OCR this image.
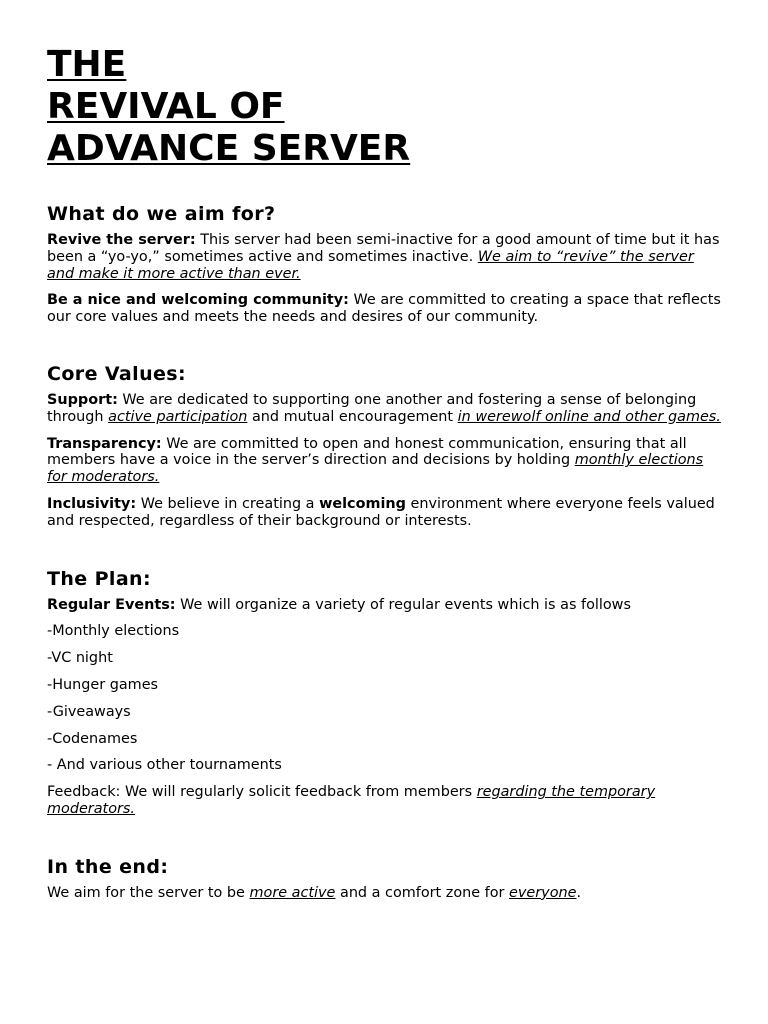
THE
REVIVAL OF
ADVANCE SERVER
What do we aim for?

Revive the server: This server had been semi-inactive for a good amount of time but it has been a “yo-yo,” sometimes active and sometimes inactive. We aim to “revive” the server and make it more active than ever.

Be a nice and welcoming community: We are committed to creating a space that reflects our core values and meets the needs and desires of our community.

Core Values:

Support: We are dedicated to supporting one another and fostering a sense of belonging through active participation and mutual encouragement in werewolf online and other games.

Transparency: We are committed to open and honest communication, ensuring that all members have a voice in the server’s direction and decisions by holding monthly elections for moderators.

Inclusivity: We believe in creating a welcoming environment where everyone feels valued and respected, regardless of their background or interests.

The Plan:

Regular Events: We will organize a variety of regular events which is as follows

-Monthly elections

-VC night

-Hunger games

-Giveaways

-Codenames

- And various other tournaments

Feedback: We will regularly solicit feedback from members regarding the temporary moderators.

In the end:

We aim for the server to be more active and a comfort zone for everyone.
